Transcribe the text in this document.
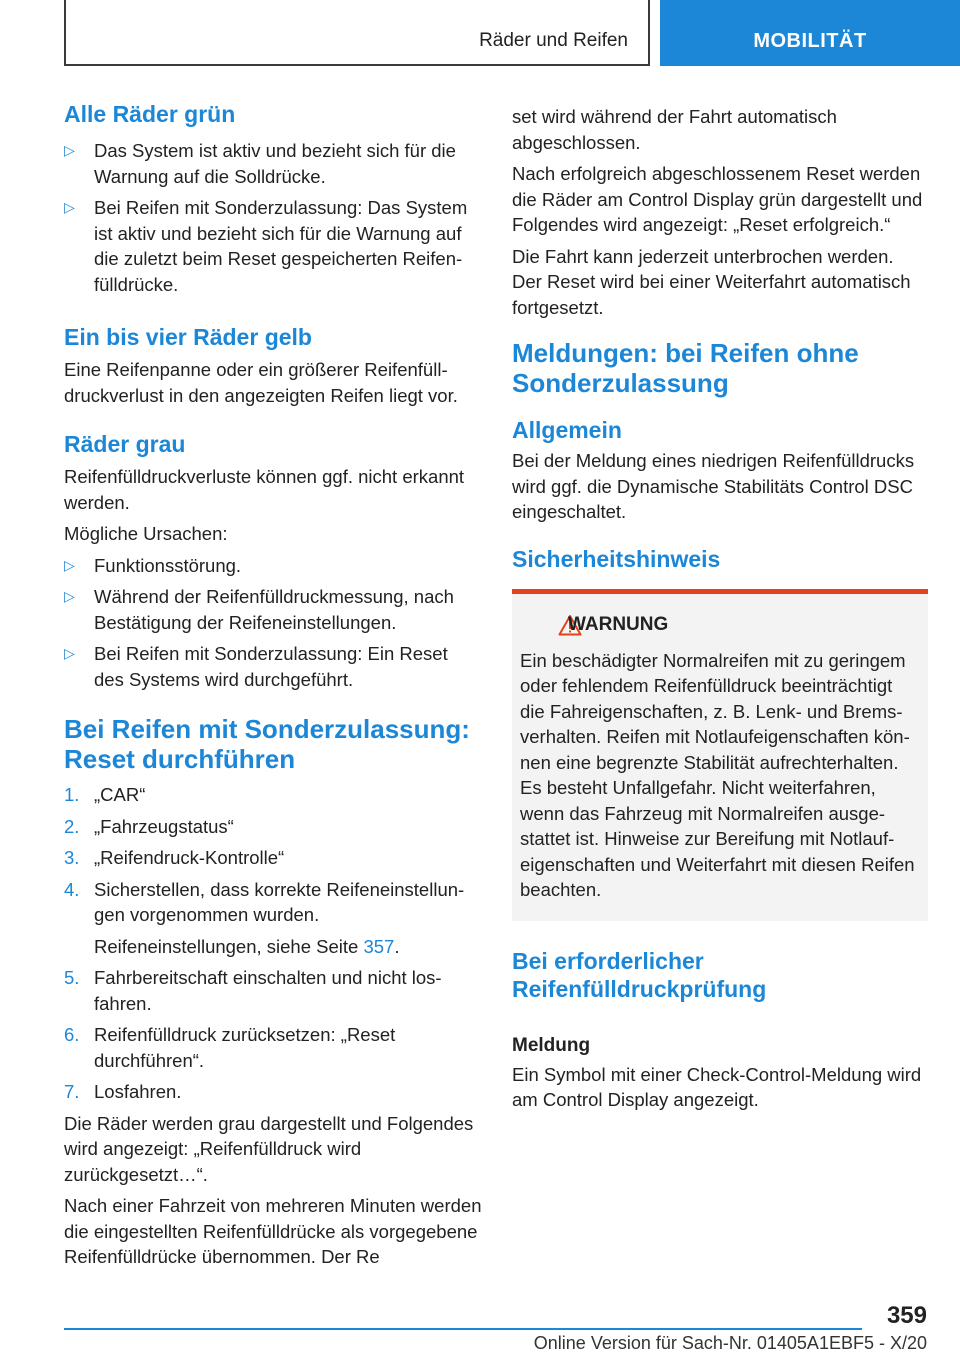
Räder und Reifen	MOBILITÄT
Alle Räder grün
▷ Das System ist aktiv und bezieht sich für die Warnung auf die Solldrücke.
▷ Bei Reifen mit Sonderzulassung: Das System ist aktiv und bezieht sich für die Warnung auf die zuletzt beim Reset gespeicherten Reifenfülldrücke.
Ein bis vier Räder gelb

Eine Reifenpanne oder ein größerer Reifenfülldruckverlust in den angezeigten Reifen liegt vor.

Räder grau

Reifenfülldruckverluste können ggf. nicht erkannt werden.

Mögliche Ursachen:

▷ Funktionsstörung.
▷ Während der Reifenfülldruckmessung, nach Bestätigung der Reifeneinstellungen.
▷ Bei Reifen mit Sonderzulassung: Ein Reset des Systems wird durchgeführt.
Bei Reifen mit Sonderzulassung: Reset durchführen
1. „CAR“
2. „Fahrzeugstatus“
3. „Reifendruck-Kontrolle“
4. Sicherstellen, dass korrekte Reifeneinstellungen vorgenommen wurden.
Reifeneinstellungen, siehe Seite 357.
5. Fahrbereitschaft einschalten und nicht losfahren.
6. Reifenfülldruck zurücksetzen: „Reset durchführen“.
7. Losfahren.

Die Räder werden grau dargestellt und Folgendes wird angezeigt: „Reifenfülldruck wird zurückgesetzt…“.

Nach einer Fahrzeit von mehreren Minuten werden die eingestellten Reifenfülldrücke als vorgegebene Reifenfülldrücke übernommen. Der Re

set wird während der Fahrt automatisch abgeschlossen.

Nach erfolgreich abgeschlossenem Reset werden die Räder am Control Display grün dargestellt und Folgendes wird angezeigt: „Reset erfolgreich.“

Die Fahrt kann jederzeit unterbrochen werden. Der Reset wird bei einer Weiterfahrt automatisch fortgesetzt.

Meldungen: bei Reifen ohne Sonderzulassung
Allgemein

Bei der Meldung eines niedrigen Reifenfülldrucks wird ggf. die Dynamische Stabilitäts Control DSC eingeschaltet.

Sicherheitshinweis
WARNUNG

Ein beschädigter Normalreifen mit zu geringem oder fehlendem Reifenfülldruck beeinträchtigt die Fahreigenschaften, z. B. Lenk- und Bremsverhalten. Reifen mit Notlaufeigenschaften können eine begrenzte Stabilität aufrechterhalten. Es besteht Unfallgefahr. Nicht weiterfahren, wenn das Fahrzeug mit Normalreifen ausgestattet ist. Hinweise zur Bereifung mit Notlaufeigenschaften und Weiterfahrt mit diesen Reifen beachten.

Bei erforderlicher Reifenfülldruckprüfung
Meldung

Ein Symbol mit einer Check-Control-Meldung wird am Control Display angezeigt.

359
Online Version für Sach-Nr. 01405A1EBF5 - X/20
